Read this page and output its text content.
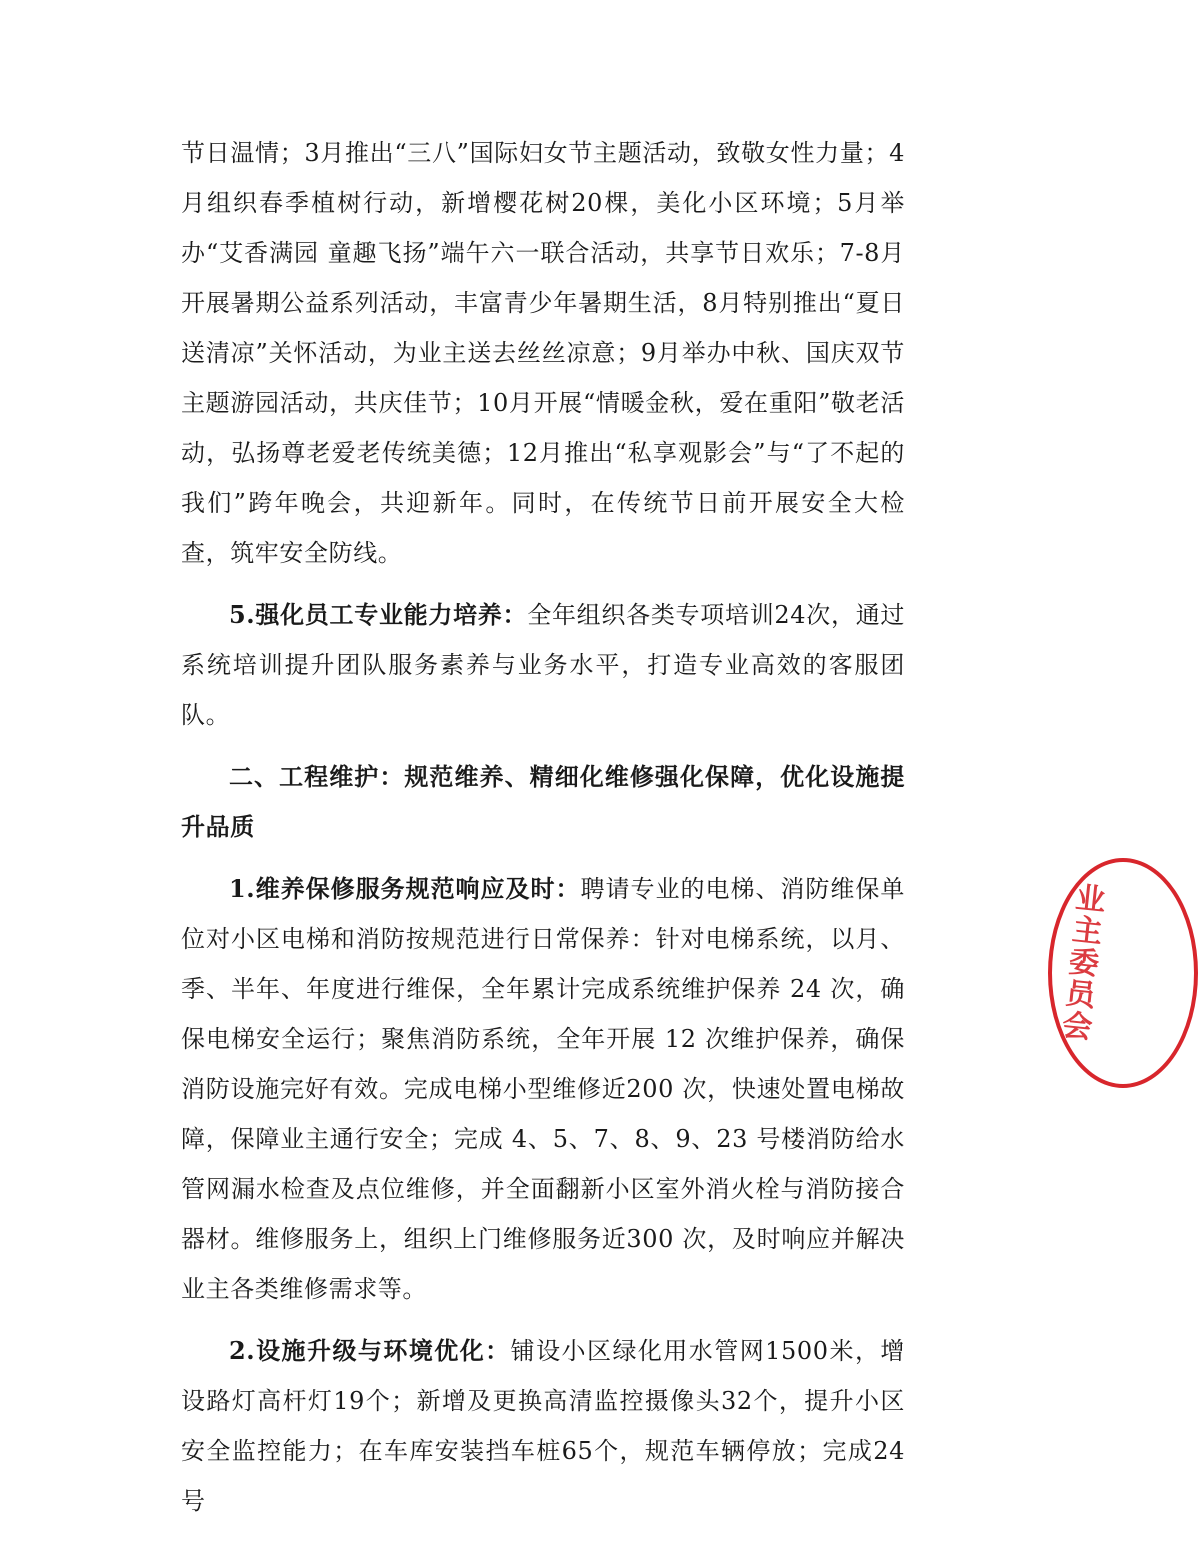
节日温情；3月推出“三八”国际妇女节主题活动，致敬女性力量；4月组织春季植树行动，新增樱花树20棵，美化小区环境；5月举办“艾香满园 童趣飞扬”端午六一联合活动，共享节日欢乐；7-8月开展暑期公益系列活动，丰富青少年暑期生活，8月特别推出“夏日送清凉”关怀活动，为业主送去丝丝凉意；9月举办中秋、国庆双节主题游园活动，共庆佳节；10月开展“情暖金秋，爱在重阳”敬老活动，弘扬尊老爱老传统美德；12月推出“私享观影会”与“了不起的我们”跨年晚会，共迎新年。同时，在传统节日前开展安全大检查，筑牢安全防线。

5.强化员工专业能力培养：全年组织各类专项培训24次，通过系统培训提升团队服务素养与业务水平，打造专业高效的客服团队。

二、工程维护：规范维养、精细化维修强化保障，优化设施提升品质

1.维养保修服务规范响应及时：聘请专业的电梯、消防维保单位对小区电梯和消防按规范进行日常保养：针对电梯系统，以月、季、半年、年度进行维保，全年累计完成系统维护保养 24 次，确保电梯安全运行；聚焦消防系统，全年开展 12 次维护保养，确保消防设施完好有效。完成电梯小型维修近200 次，快速处置电梯故障，保障业主通行安全；完成 4、5、7、8、9、23 号楼消防给水管网漏水检查及点位维修，并全面翻新小区室外消火栓与消防接合器材。维修服务上，组织上门维修服务近300 次，及时响应并解决业主各类维修需求等。

2.设施升级与环境优化：铺设小区绿化用水管网1500米，增设路灯高杆灯19个；新增及更换高清监控摄像头32个，提升小区安全监控能力；在车库安装挡车桩65个，规范车辆停放；完成24号

业主委员会
